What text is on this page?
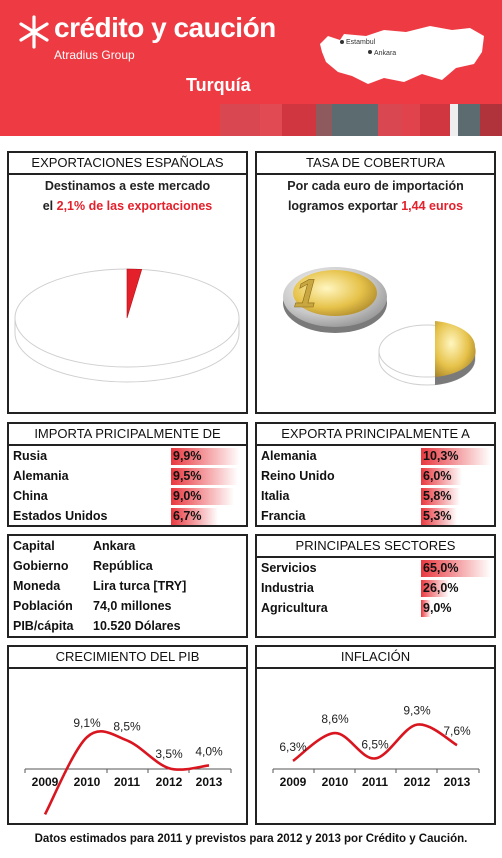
crédito y caución
Atradius Group
Turquía
Estambul
Ankara
EXPORTACIONES ESPAÑOLAS
Destinamos a este mercado
el 2,1% de las exportaciones
TASA DE COBERTURA
Por cada euro de importación
logramos exportar 1,44 euros
1
IMPORTA PRICIPALMENTE DE
Rusia	9,9%
Alemania	9,5%
China	9,0%
Estados Unidos	6,7%
EXPORTA PRINCIPALMENTE A
Alemania	10,3%
Reino Unido	6,0%
Italia	5,8%
Francia	5,3%
Capital	Ankara
Gobierno República
Moneda	Lira turca [TRY]
Población 74,0 millones
PIB/cápita 10.520 Dólares
PRINCIPALES SECTORES
Servicios	65,0%
Industria	26,0%
Agricultura	9,0%
CRECIMIENTO DEL PIB
2009
9,1%
2010
8,5%
2011
3,5%
2012
4,0%
2013
INFLACIÓN
6,3%
2009
8,6%
2010
6,5%
2011
9,3%
2012
7,6%
2013
Datos estimados para 2011 y previstos para 2012 y 2013 por Crédito y Caución.
